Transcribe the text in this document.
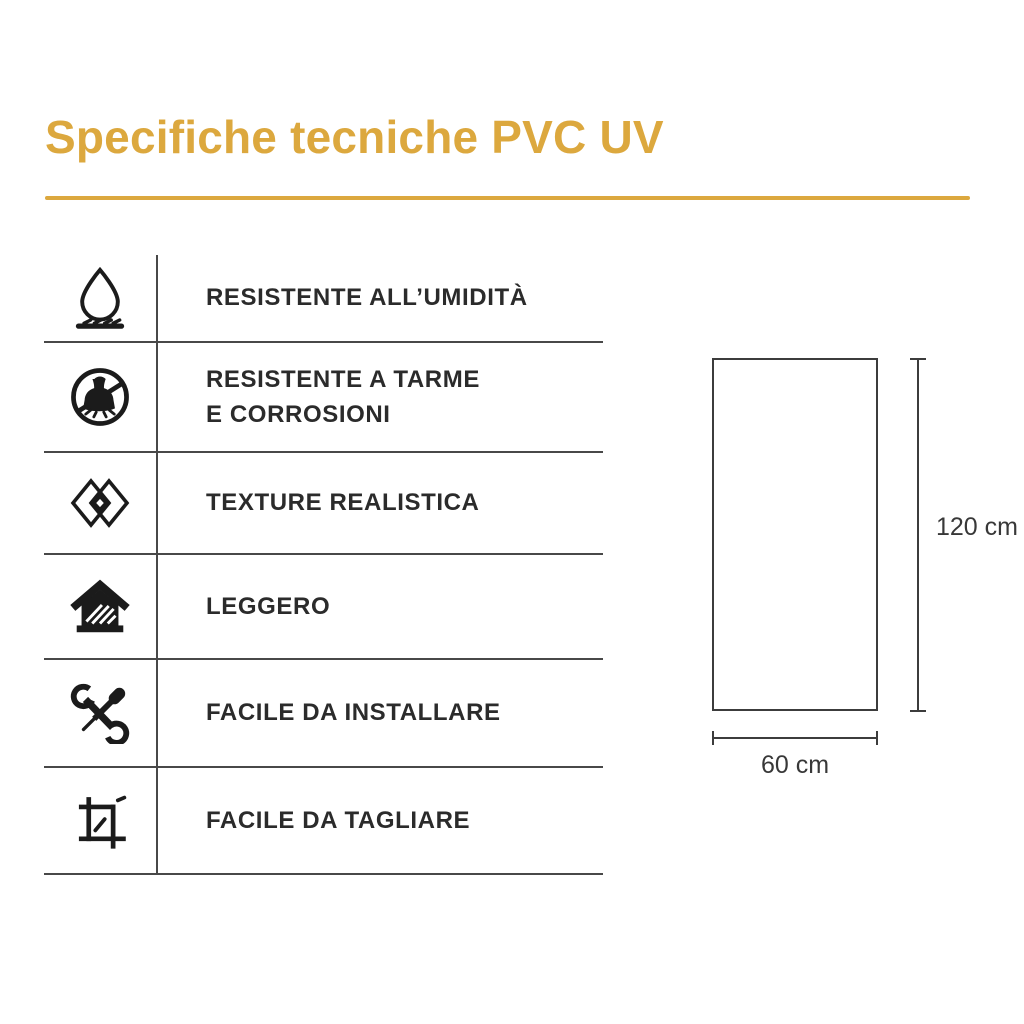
Specifiche tecniche PVC UV
RESISTENTE ALL’UMIDITÀ
RESISTENTE A TARME
E CORROSIONI
TEXTURE REALISTICA
LEGGERO
FACILE DA INSTALLARE
FACILE DA TAGLIARE
120 cm
60 cm
